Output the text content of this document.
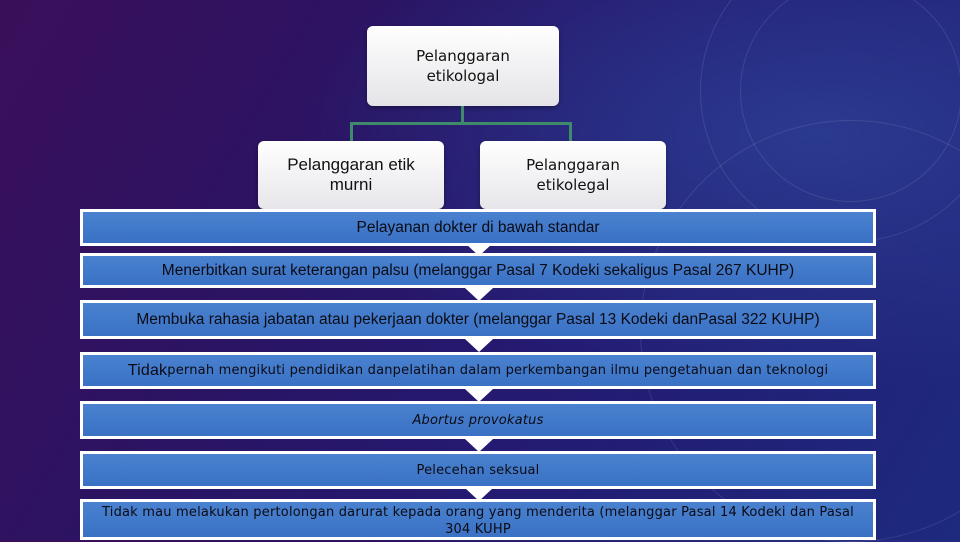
Pelanggaran etikologal
Pelanggaran etik murni
Pelanggaran etikolegal
Pelayanan dokter di bawah standar
Menerbitkan surat keterangan palsu (melanggar Pasal 7 Kodeki sekaligus Pasal 267 KUHP)
Membuka rahasia jabatan atau pekerjaan dokter (melanggar Pasal 13 Kodeki danPasal 322 KUHP)
Tidak pernah mengikuti pendidikan danpelatihan dalam perkembangan ilmu pengetahuan dan teknologi
Abortus provokatus
Pelecehan seksual
Tidak mau melakukan pertolongan darurat kepada orang yang menderita (melanggar Pasal 14 Kodeki dan Pasal 304 KUHP
